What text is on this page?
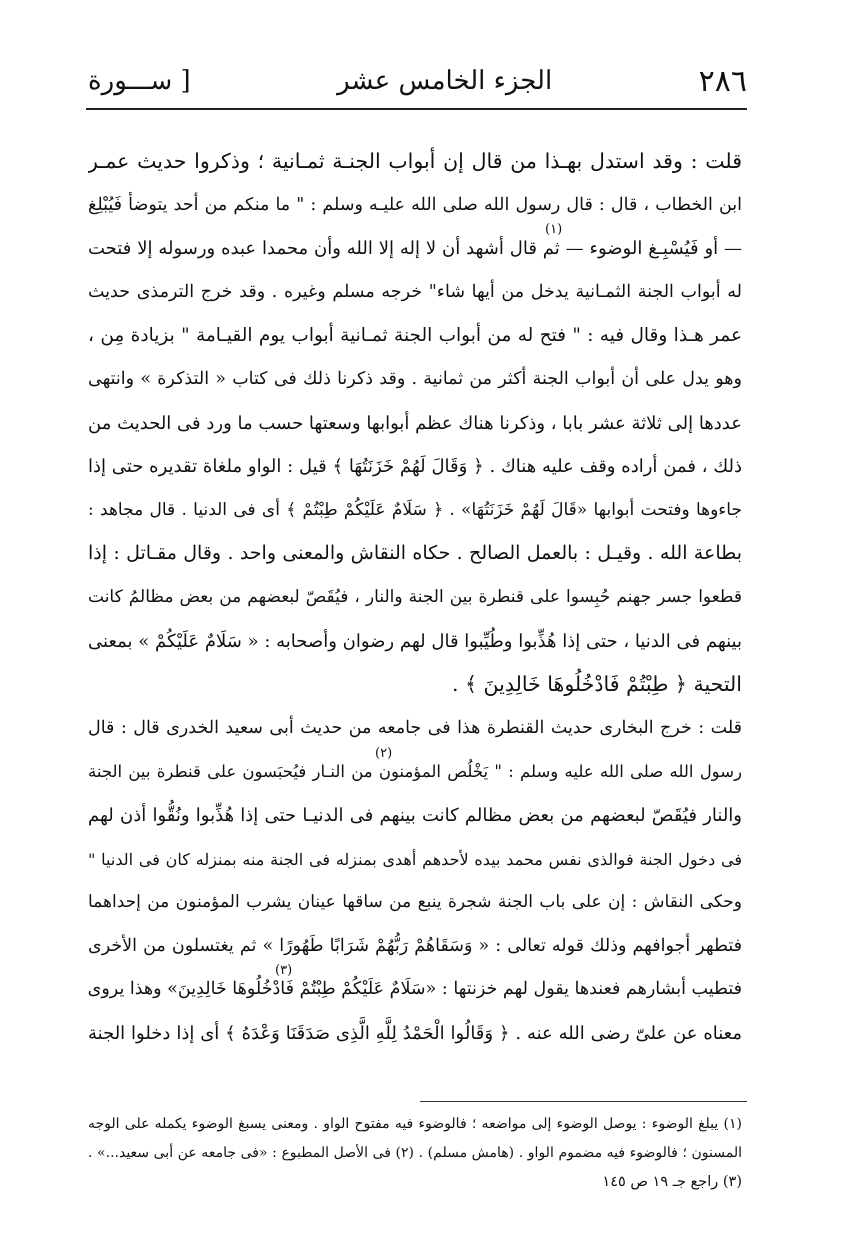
٢٨٦
الجزء الخامس عشر
[ ســـورة
قلت : وقد استدل بهـذا من قال إن أبواب الجنـة ثمـانية ؛ وذكروا حديث عمـر
ابن الخطاب ، قال : قال رسول الله صلى الله عليـه وسلم : " ما منكم من أحد يتوضأ فَيُبْلِغ
— أو فَيُسْبِـغ الوضوء — ثم قال أشهد أن لا إله إلا الله وأن محمدا عبده ورسوله إلا فتحت
له أبواب الجنة الثمـانية يدخل من أيها شاء" خرجه مسلم وغيره . وقد خرج الترمذى حديث
عمر هـذا وقال فيه : " فتح له من أبواب الجنة ثمـانية أبواب يوم القيـامة " بزيادة مِن ،
وهو يدل على أن أبواب الجنة أكثر من ثمانية . وقد ذكرنا ذلك فى كتاب « التذكرة » وانتهى
عددها إلى ثلاثة عشر بابا ، وذكرنا هناك عظم أبوابها وسعتها حسب ما ورد فى الحديث من
ذلك ، فمن أراده وقف عليه هناك . ﴿ وَقَالَ لَهُمْ خَزَنَتُهَا ﴾ قيل : الواو ملغاة تقديره حتى إذا
جاءوها وفتحت أبوابها «قَالَ لَهُمْ خَزَنَتُهَا» . ﴿ سَلَامٌ عَلَيْكُمْ طِبْتُمْ ﴾ أى فى الدنيا . قال مجاهد :
بطاعة الله . وقيـل : بالعمل الصالح . حكاه النقاش والمعنى واحد . وقال مقـاتل : إذا
قطعوا جسر جهنم حُبِسوا على قنطرة بين الجنة والنار ، فيُقَصّ لبعضهم من بعض مظالمُ كانت
بينهم فى الدنيا ، حتى إذا هُذِّبوا وطُيِّبوا قال لهم رضوان وأصحابه : « سَلَامٌ عَلَيْكُمْ » بمعنى
التحية ﴿ طِبْتُمْ فَادْخُلُوهَا خَالِدِينَ ﴾ .
قلت : خرج البخارى حديث القنطرة هذا فى جامعه من حديث أبى سعيد الخدرى قال : قال
رسول الله صلى الله عليه وسلم : " يَخْلُص المؤمنون من النـار فيُحبَسون على قنطرة بين الجنة
والنار فيُقَصّ لبعضهم من بعض مظالم كانت بينهم فى الدنيـا حتى إذا هُذِّبوا ونُقُّوا أذن لهم
فى دخول الجنة فوالذى نفس محمد بيده لأحدهم أهدى بمنزله فى الجنة منه بمنزله كان فى الدنيا "
وحكى النقاش : إن على باب الجنة شجرة ينبع من ساقها عينان يشرب المؤمنون من إحداهما
فتطهر أجوافهم وذلك قوله تعالى : « وَسَقَاهُمْ رَبُّهُمْ شَرَابًا طَهُورًا » ثم يغتسلون من الأخرى
فتطيب أبشارهم فعندها يقول لهم خزنتها : «سَلَامٌ عَلَيْكُمْ طِبْتُمْ فَادْخُلُوهَا خَالِدِينَ» وهذا يروى
معناه عن علىّ رضى الله عنه . ﴿ وَقَالُوا الْحَمْدُ لِلَّهِ الَّذِى صَدَقَنَا وَعْدَهُ ﴾ أى إذا دخلوا الجنة
(١)
(٢)
(٣)
(١) يبلغ الوضوء : يوصل الوضوء إلى مواضعه ؛ فالوضوء فيه مفتوح الواو . ومعنى يسبغ الوضوء يكمله على الوجه
المسنون ؛ فالوضوء فيه مضموم الواو . (هامش مسلم) . (٢) فى الأصل المطبوع : «فى جامعه عن أبى سعيد...» .
(٣) راجع جـ ١٩ ص ١٤٥
